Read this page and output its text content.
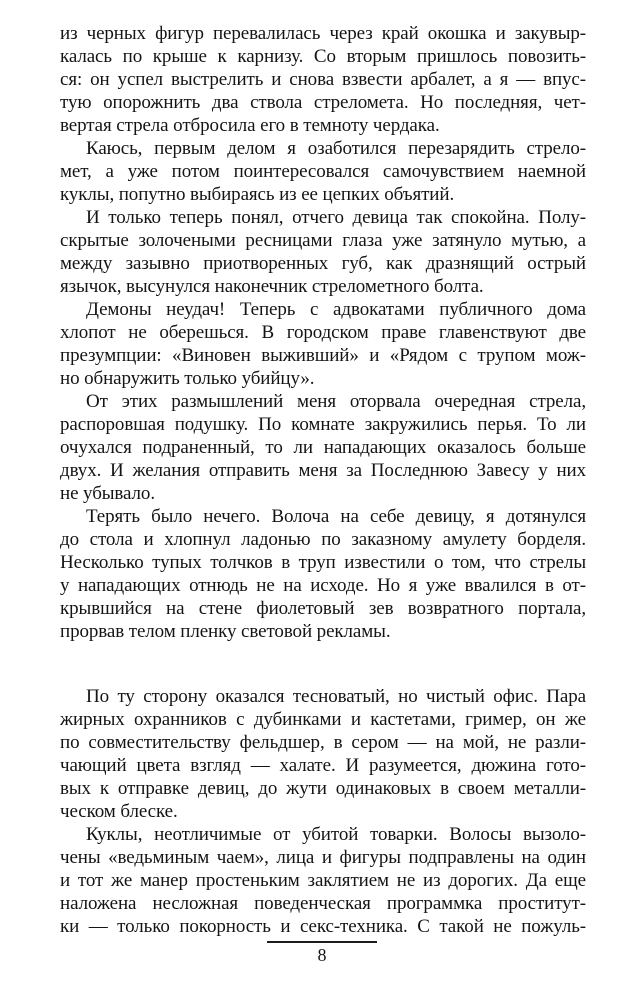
из черных фигур перевалилась через край окошка и закувыр-
калась по крыше к карнизу. Со вторым пришлось повозить-
ся: он успел выстрелить и снова взвести арбалет, а я — впус-
тую опорожнить два ствола стреломета. Но последняя, чет-
вертая стрела отбросила его в темноту чердака.
Каюсь, первым делом я озаботился перезарядить стрело-
мет, а уже потом поинтересовался самочувствием наемной
куклы, попутно выбираясь из ее цепких объятий.
И только теперь понял, отчего девица так спокойна. Полу-
скрытые золочеными ресницами глаза уже затянуло мутью, а
между зазывно приотворенных губ, как дразнящий острый
язычок, высунулся наконечник стрелометного болта.
Демоны неудач! Теперь с адвокатами публичного дома
хлопот не оберешься. В городском праве главенствуют две
презумпции: «Виновен выживший» и «Рядом с трупом мож-
но обнаружить только убийцу».
От этих размышлений меня оторвала очередная стрела,
распоровшая подушку. По комнате закружились перья. То ли
очухался подраненный, то ли нападающих оказалось больше
двух. И желания отправить меня за Последнюю Завесу у них
не убывало.
Терять было нечего. Волоча на себе девицу, я дотянулся
до стола и хлопнул ладонью по заказному амулету борделя.
Несколько тупых толчков в труп известили о том, что стрелы
у нападающих отнюдь не на исходе. Но я уже ввалился в от-
крывшийся на стене фиолетовый зев возвратного портала,
прорвав телом пленку световой рекламы.
По ту сторону оказался тесноватый, но чистый офис. Пара
жирных охранников с дубинками и кастетами, гример, он же
по совместительству фельдшер, в сером — на мой, не разли-
чающий цвета взгляд — халате. И разумеется, дюжина гото-
вых к отправке девиц, до жути одинаковых в своем металли-
ческом блеске.
Куклы, неотличимые от убитой товарки. Волосы вызоло-
чены «ведьминым чаем», лица и фигуры подправлены на один
и тот же манер простеньким заклятием не из дорогих. Да еще
наложена несложная поведенческая программка проститут-
ки — только покорность и секс-техника. С такой не пожуль-
8
